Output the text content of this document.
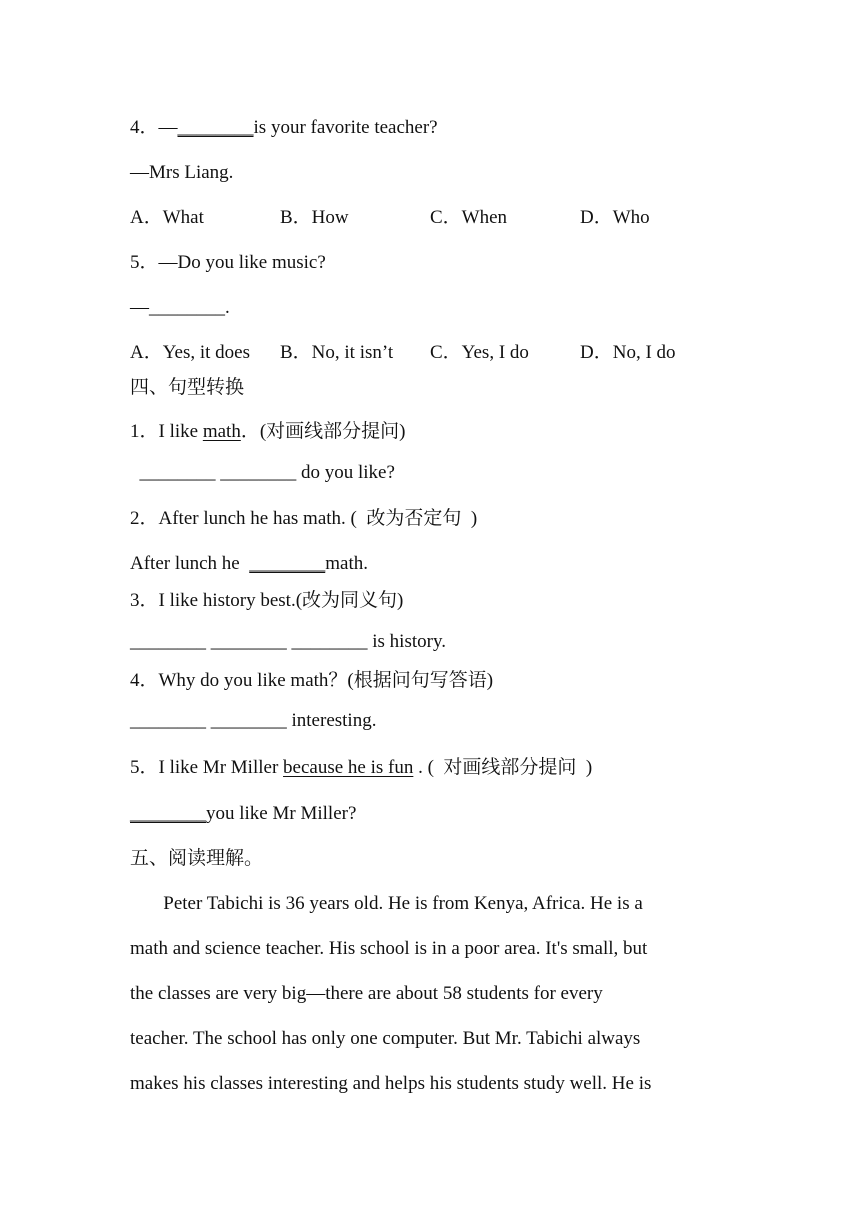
4．—________is your favorite teacher?
—Mrs Liang.
A．What	B．How	C．When	D．Who
5．—Do you like music?
—________.
A．Yes, it does B．No, it isn’t C．Yes, I do	D．No, I do
四、句型转换
1．I like math．(对画线部分提问)
________ ________ do you like?
2．After lunch he has math. (  改为否定句  )
After lunch he  ________math.
3．I like history best.(改为同义句)
________ ________ ________ is history.
4．Why do you like math？(根据问句写答语)
________ ________ interesting.
5．I like Mr Miller because he is fun . (  对画线部分提问  )
________you like Mr Miller?
五、阅读理解。
Peter Tabichi is 36 years old. He is from Kenya, Africa. He is a
math and science teacher. His school is in a poor area. It's small, but
the classes are very big—there are about 58 students for every
teacher. The school has only one computer. But Mr. Tabichi always
makes his classes interesting and helps his students study well. He is
